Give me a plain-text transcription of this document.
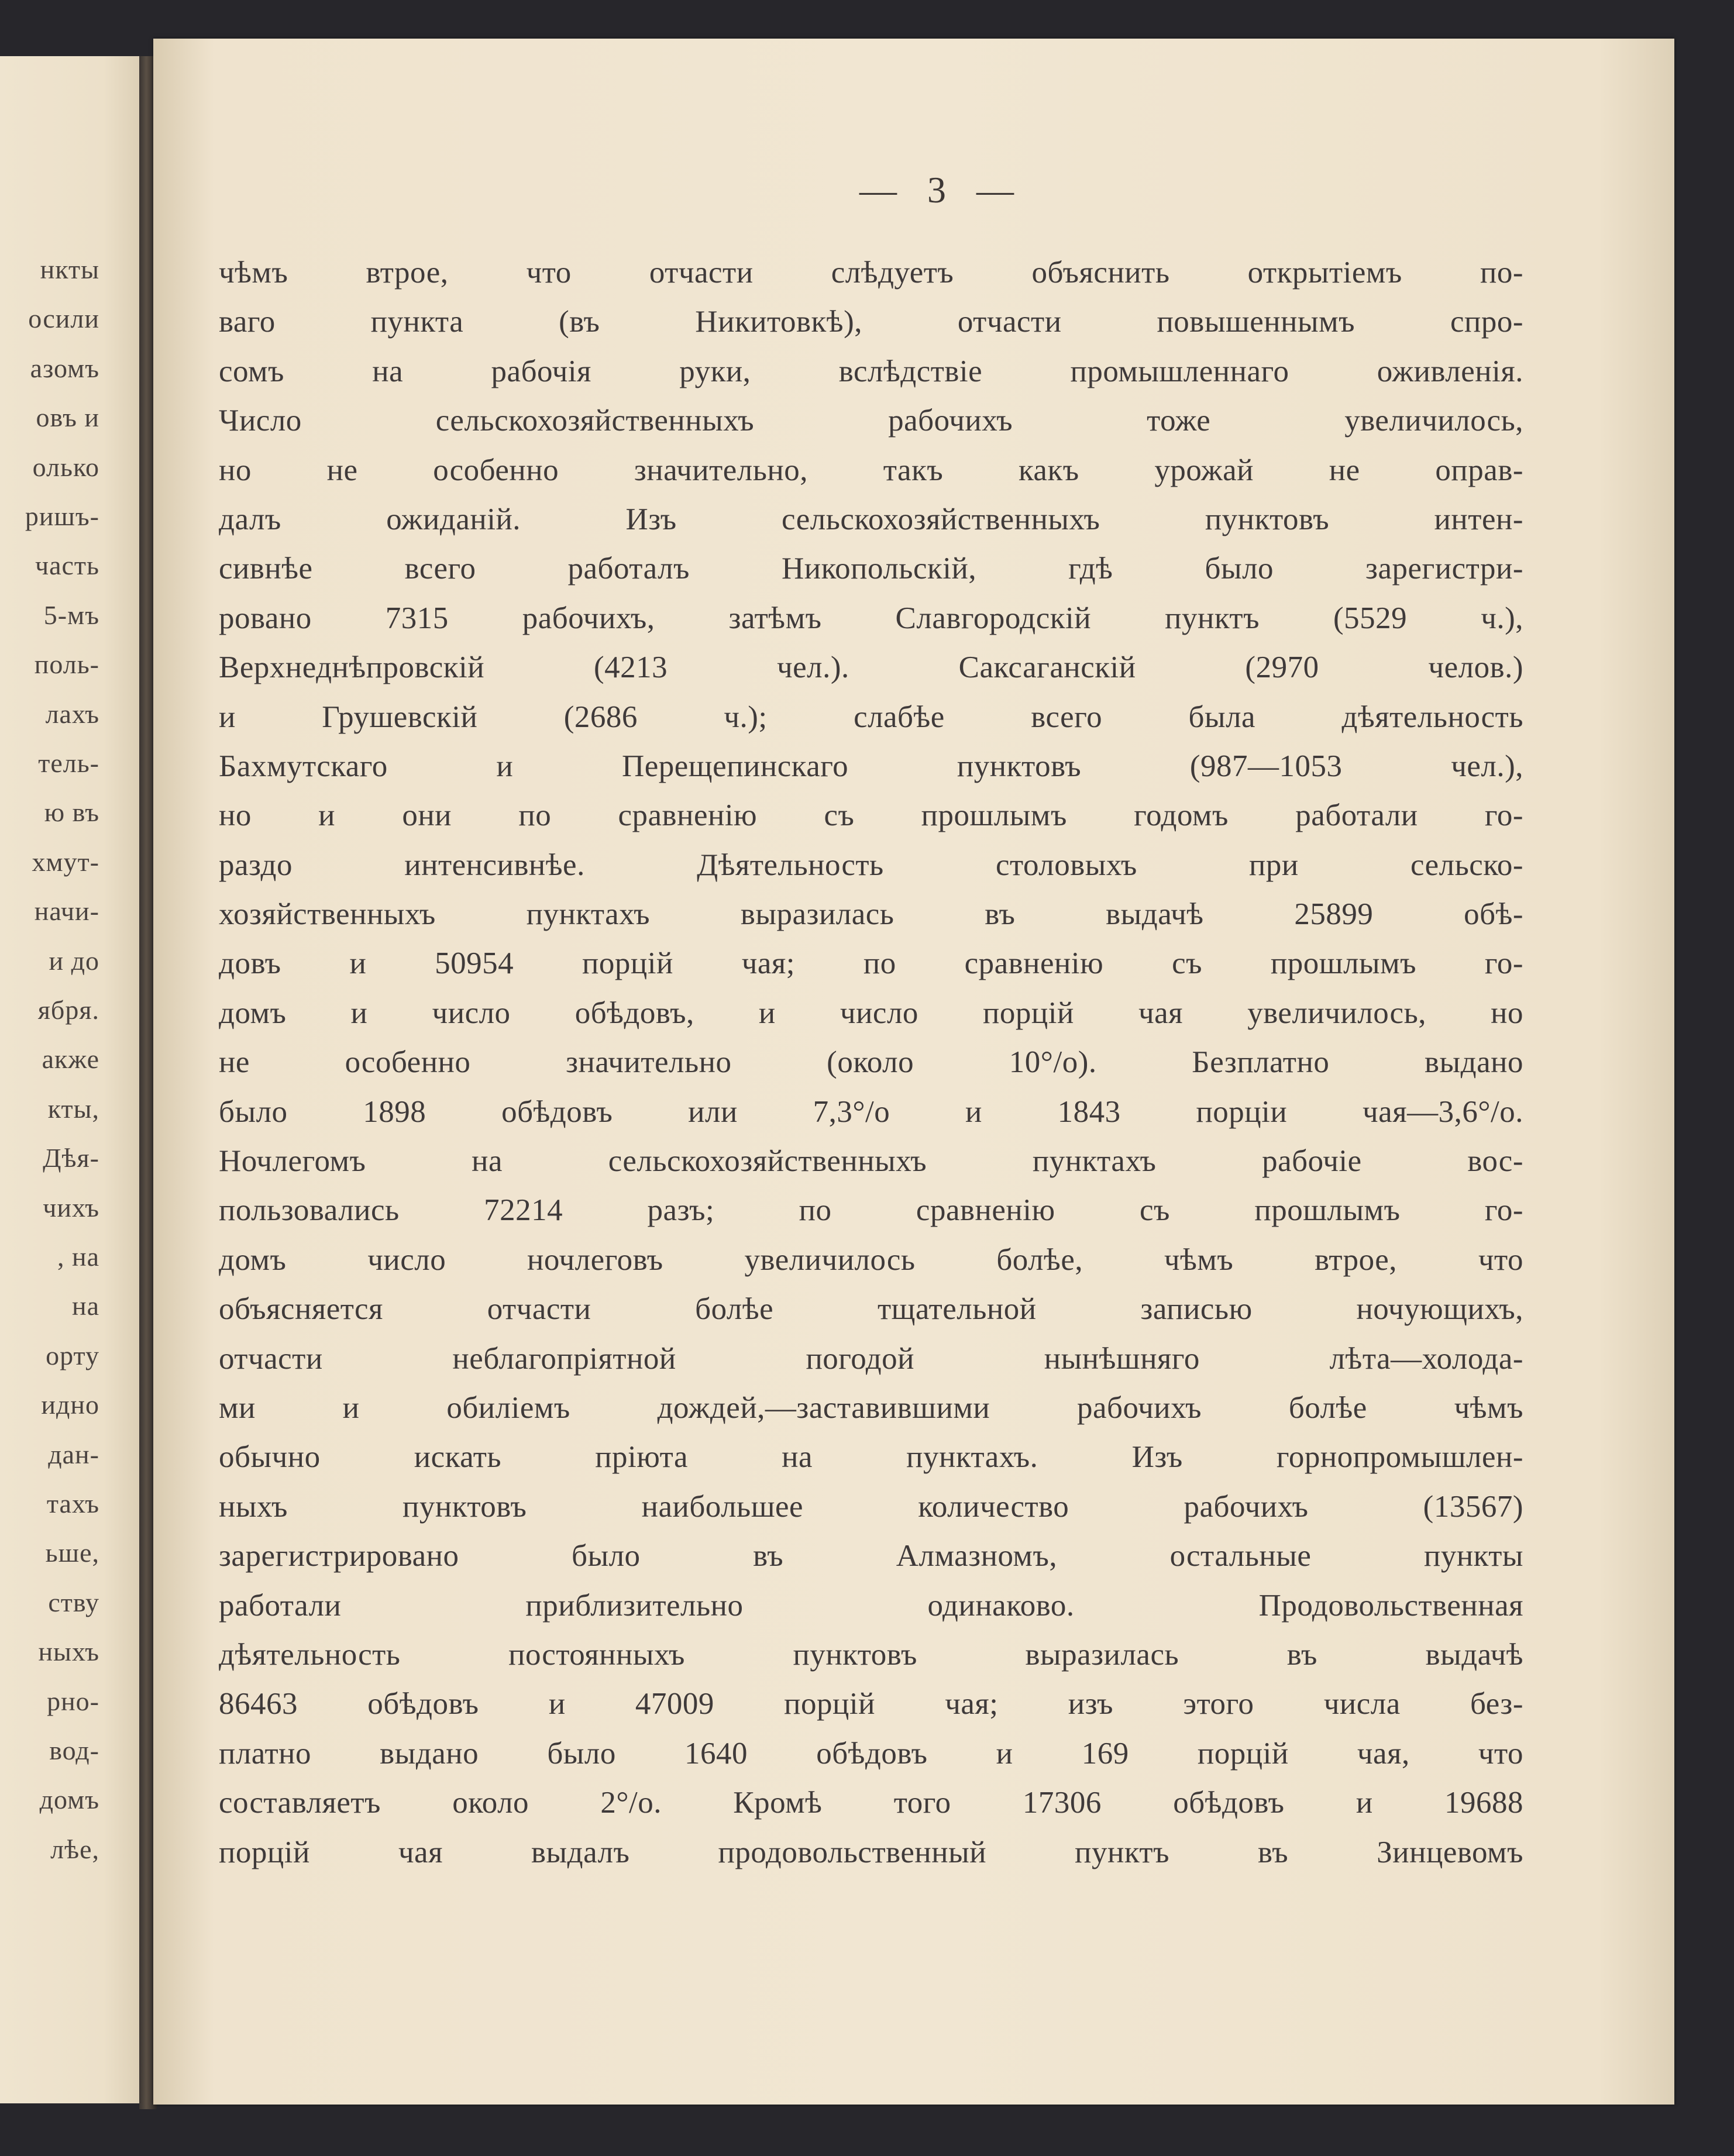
нкты
осили
азомъ
овъ и
олько
ришъ-
часть
5-мъ
поль-
лахъ
тель-
ю въ
хмут-
начи-
и до
ября.
акже
кты,
Дѣя-
чихъ
, на
на
орту
идно
дан-
тахъ
ьше,
ству
ныхъ
рно-
вод-
домъ
лѣе,
— 3 —
чѣмъ втрое, что отчасти слѣдуетъ объяснить открытіемъ по-
ваго пункта (въ Никитовкѣ), отчасти повышеннымъ спро-
сомъ на рабочія руки, вслѣдствіе промышленнаго оживленія.
Число сельскохозяйственныхъ рабочихъ тоже увеличилось,
но не особенно значительно, такъ какъ урожай не оправ-
далъ ожиданій. Изъ сельскохозяйственныхъ пунктовъ интен-
сивнѣе всего работалъ Никопольскій, гдѣ было зарегистри-
ровано 7315 рабочихъ, затѣмъ Славгородскій пунктъ (5529 ч.),
Верхнеднѣпровскій (4213 чел.). Саксаганскій (2970 челов.)
и Грушевскій (2686 ч.); слабѣе всего была дѣятельность
Бахмутскаго и Перещепинскаго пунктовъ (987—1053 чел.),
но и они по сравненію съ прошлымъ годомъ работали го-
раздо интенсивнѣе. Дѣятельность столовыхъ при сельско-
хозяйственныхъ пунктахъ выразилась въ выдачѣ 25899 обѣ-
довъ и 50954 порцій чая; по сравненію съ прошлымъ го-
домъ и число обѣдовъ, и число порцій чая увеличилось, но
не особенно значительно (около 10°/о). Безплатно выдано
было 1898 обѣдовъ или 7,3°/о и 1843 порціи чая—3,6°/о.
Ночлегомъ на сельскохозяйственныхъ пунктахъ рабочіе вос-
пользовались 72214 разъ; по сравненію съ прошлымъ го-
домъ число ночлеговъ увеличилось болѣе, чѣмъ втрое, что
объясняется отчасти болѣе тщательной записью ночующихъ,
отчасти неблагопріятной погодой нынѣшняго лѣта—холода-
ми и обиліемъ дождей,—заставившими рабочихъ болѣе чѣмъ
обычно искать пріюта на пунктахъ. Изъ горнопромышлен-
ныхъ пунктовъ наибольшее количество рабочихъ (13567)
зарегистрировано было въ Алмазномъ, остальные пункты
работали приблизительно одинаково. Продовольственная
дѣятельность постоянныхъ пунктовъ выразилась въ выдачѣ
86463 обѣдовъ и 47009 порцій чая; изъ этого числа без-
платно выдано было 1640 обѣдовъ и 169 порцій чая, что
составляетъ около 2°/о. Кромѣ того 17306 обѣдовъ и 19688
порцій чая выдалъ продовольственный пунктъ въ Зинцевомъ
